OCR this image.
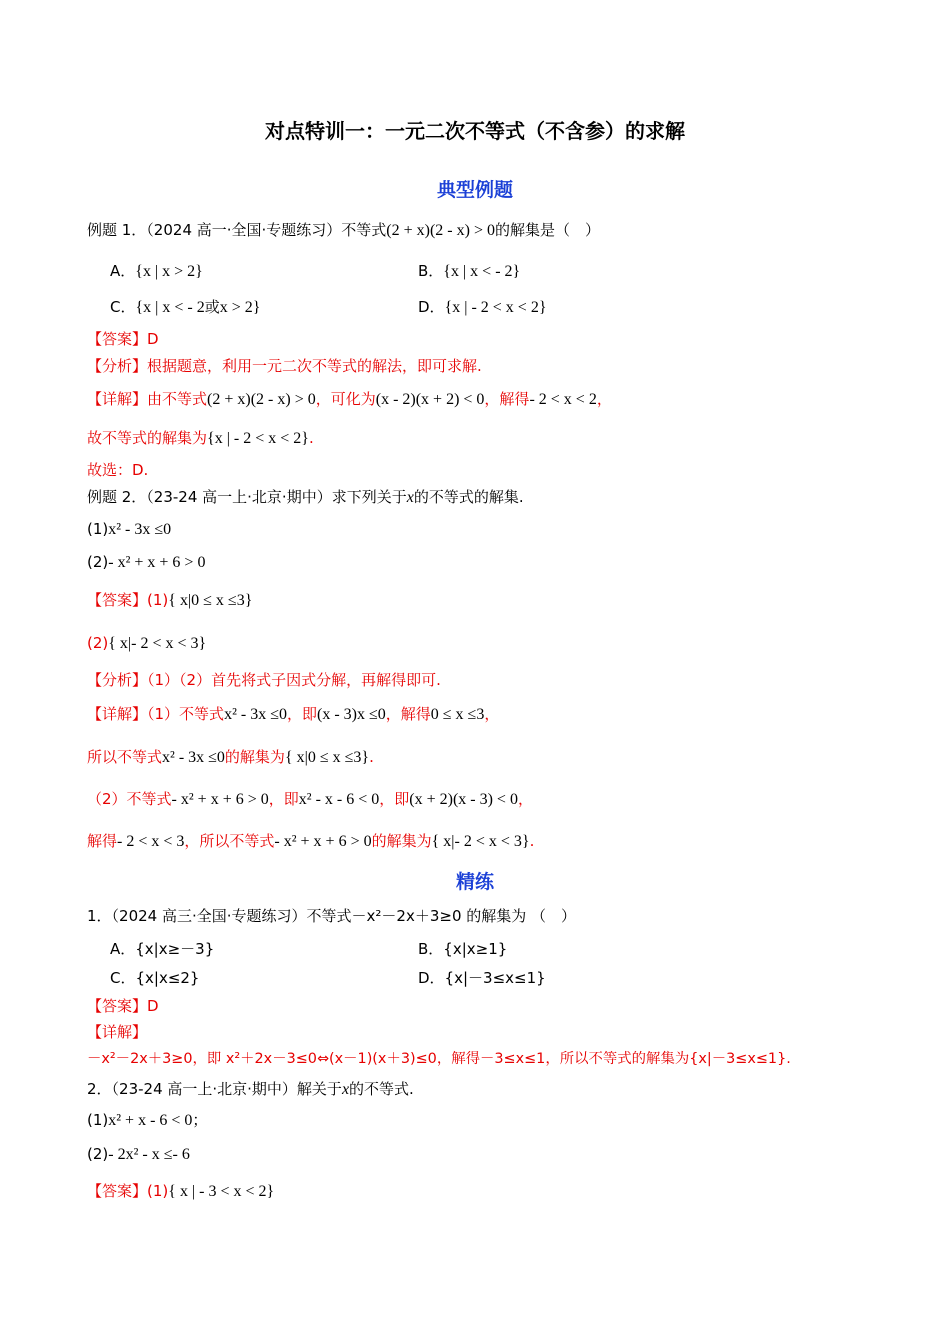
对点特训一：一元二次不等式（不含参）的求解
典型例题
例题 1．（2024 高一·全国·专题练习）不等式(2 + x)(2 - x) > 0的解集是（　）
A．{x | x > 2}	B．{x | x < - 2}
C．{x | x < - 2或x > 2}	D．{x | - 2 < x < 2}
【答案】D
【分析】根据题意，利用一元二次不等式的解法，即可求解.
【详解】由不等式(2 + x)(2 - x) > 0，可化为(x - 2)(x + 2) < 0，解得- 2 < x < 2，
故不等式的解集为{x | - 2 < x < 2}.
故选：D.
例题 2．（23-24 高一上·北京·期中）求下列关于x的不等式的解集.
(1)x² - 3x ≤0
(2)- x² + x + 6 > 0
【答案】(1){ x|0 ≤ x ≤3}
(2){ x|- 2 < x < 3}
【分析】（1）（2）首先将式子因式分解，再解得即可.
【详解】（1）不等式x² - 3x ≤0，即(x - 3)x ≤0，解得0 ≤ x ≤3，
所以不等式x² - 3x ≤0的解集为{ x|0 ≤ x ≤3}.
（2）不等式- x² + x + 6 > 0，即x² - x - 6 < 0，即(x + 2)(x - 3) < 0，
解得- 2 < x < 3，所以不等式- x² + x + 6 > 0的解集为{ x|- 2 < x < 3}.
精练
1．（2024 高三·全国·专题练习）不等式－x²－2x＋3≥0 的解集为 （　）
A．{x|x≥－3}	B．{x|x≥1}
C．{x|x≤2}	D．{x|－3≤x≤1}
【答案】D
【详解】
－x²－2x＋3≥0，即 x²＋2x－3≤0⇔(x－1)(x＋3)≤0，解得－3≤x≤1，所以不等式的解集为{x|－3≤x≤1}.
2．（23-24 高一上·北京·期中）解关于x的不等式.
(1)x² + x - 6 < 0；
(2)- 2x² - x ≤- 6
【答案】(1){ x | - 3 < x < 2}
